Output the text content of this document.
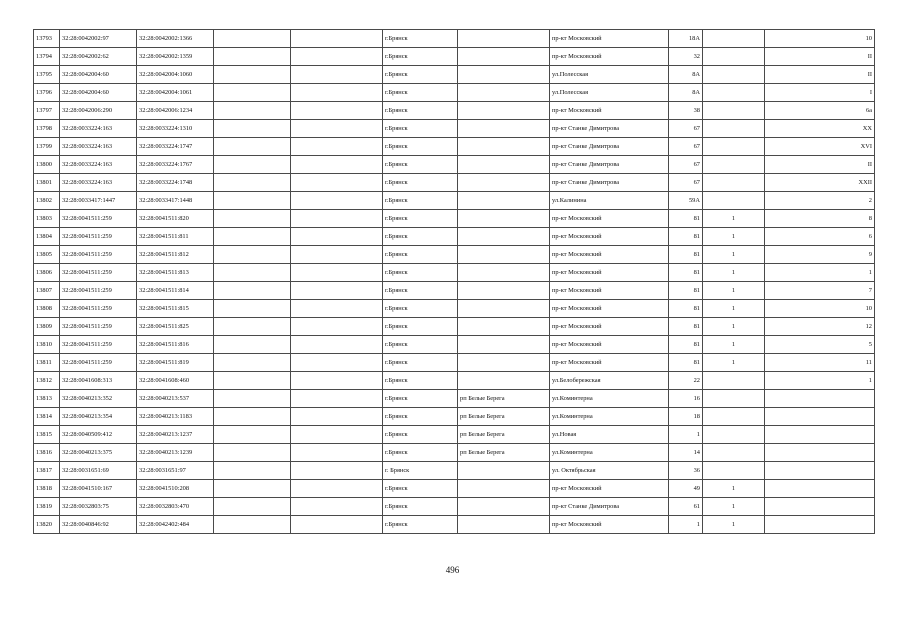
13793	32:28:0042002:97	32:28:0042002:1366			г.Брянск		пр-кт Московский	18А		10
13794	32:28:0042002:62	32:28:0042002:1359			г.Брянск		пр-кт Московский	32		II
13795	32:28:0042004:60	32:28:0042004:1060			г.Брянск		ул.Полесская	8А		II
13796	32:28:0042004:60	32:28:0042004:1061			г.Брянск		ул.Полесская	8А		I
13797	32:28:0042006:290	32:28:0042006:1234			г.Брянск		пр-кт Московский	38		6а
13798	32:28:0033224:163	32:28:0033224:1310			г.Брянск		пр-кт Станке Димитрова	67		XX
13799	32:28:0033224:163	32:28:0033224:1747			г.Брянск		пр-кт Станке Димитрова	67		XVI
13800	32:28:0033224:163	32:28:0033224:1767			г.Брянск		пр-кт Станке Димитрова	67		II
13801	32:28:0033224:163	32:28:0033224:1748			г.Брянск		пр-кт Станке Димитрова	67		XXII
13802	32:28:0033417:1447	32:28:0033417:1448			г.Брянск		ул.Калинина	59А		2
13803	32:28:0041511:259	32:28:0041511:820			г.Брянск		пр-кт Московский	81	1	8
13804	32:28:0041511:259	32:28:0041511:811			г.Брянск		пр-кт Московский	81	1	6
13805	32:28:0041511:259	32:28:0041511:812			г.Брянск		пр-кт Московский	81	1	9
13806	32:28:0041511:259	32:28:0041511:813			г.Брянск		пр-кт Московский	81	1	1
13807	32:28:0041511:259	32:28:0041511:814			г.Брянск		пр-кт Московский	81	1	7
13808	32:28:0041511:259	32:28:0041511:815			г.Брянск		пр-кт Московский	81	1	10
13809	32:28:0041511:259	32:28:0041511:825			г.Брянск		пр-кт Московский	81	1	12
13810	32:28:0041511:259	32:28:0041511:816			г.Брянск		пр-кт Московский	81	1	5
13811	32:28:0041511:259	32:28:0041511:819			г.Брянск		пр-кт Московский	81	1	11
13812	32:28:0041608:313	32:28:0041608:460			г.Брянск		ул.Белобережская	22		1
13813	32:28:0040213:352	32:28:0040213:537			г.Брянск	рп Белые Берега	ул.Коминтерна	16		
13814	32:28:0040213:354	32:28:0040213:1183			г.Брянск	рп Белые Берега	ул.Коминтерна	18		
13815	32:28:0040509:412	32:28:0040213:1237			г.Брянск	рп Белые Берега	ул.Новая	1		
13816	32:28:0040213:375	32:28:0040213:1239			г.Брянск	рп Белые Берега	ул.Коминтерна	14		
13817	32:28:0031651:69	32:28:0031651:97			г. Брянск		ул. Октябрьская	36		
13818	32:28:0041510:167	32:28:0041510:208			г.Брянск		пр-кт Московский	49	1	
13819	32:28:0032803:75	32:28:0032803:470			г.Брянск		пр-кт Станке Димитрова	61	1	
13820	32:28:0040846:92	32:28:0042402:484			г.Брянск		пр-кт Московский	1	1	
496
